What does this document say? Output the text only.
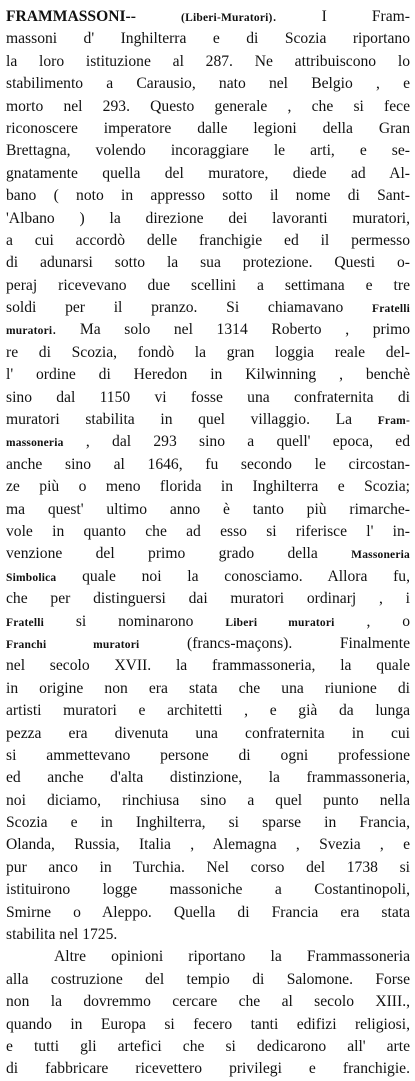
FRAMMASSONI--	(Liberi-Muratori). I Fram-
massoni d' Inghilterra e di Scozia riportano
la loro istituzione al 287. Ne attribuiscono lo
stabilimento a Carausio, nato nel Belgio , e
morto nel 293. Questo generale , che si fece
riconoscere imperatore dalle legioni della Gran
Brettagna, volendo incoraggiare le arti, e se-
gnatamente quella del muratore, diede ad Al-
bano ( noto in appresso sotto il nome di Sant-
'Albano ) la direzione dei lavoranti muratori,
a cui accordò delle franchigie ed il permesso
di adunarsi sotto la sua protezione. Questi o-
peraj ricevevano due scellini a settimana e tre
soldi per il pranzo. Si chiamavano Fratelli
muratori. Ma solo nel 1314 Roberto , primo
re di Scozia, fondò la gran loggia reale del-
l' ordine di Heredon in Kilwinning , benchè
sino dal 1150 vi fosse una confraternita di
muratori stabilita in quel villaggio. La Fram-
massoneria , dal 293 sino a quell' epoca, ed
anche sino al 1646, fu secondo le circostan-
ze più o meno florida in Inghilterra e Scozia;
ma quest' ultimo anno è tanto più rimarche-
vole in quanto che ad esso si riferisce l' in-
venzione del primo grado della Massoneria
Simbolica quale noi la conosciamo. Allora fu,
che per distinguersi dai muratori ordinarj , i
Fratelli si nominarono Liberi muratori , o
Franchi muratori (francs-maçons). Finalmente
nel secolo XVII. la frammassoneria, la quale
in origine non era stata che una riunione di
artisti muratori e architetti , e già da lunga
pezza era divenuta una confraternita in cui
si ammettevano persone di ogni professione
ed anche d'alta distinzione, la frammassoneria,
noi diciamo, rinchiusa sino a quel punto nella
Scozia e in Inghilterra, si sparse in Francia,
Olanda, Russia, Italia , Alemagna , Svezia , e
pur anco in Turchia. Nel corso del 1738 si
istituirono logge massoniche a Costantinopoli,
Smirne o Aleppo. Quella di Francia era stata
stabilita nel 1725.
Altre opinioni riportano la Frammassoneria
alla costruzione del tempio di Salomone. Forse
non la dovremmo cercare che al secolo XIII.,
quando in Europa si fecero tanti edifizi religiosi,
e tutti gli artefici che si dedicarono all' arte
di fabbricare ricevettero privilegi e franchigie.
